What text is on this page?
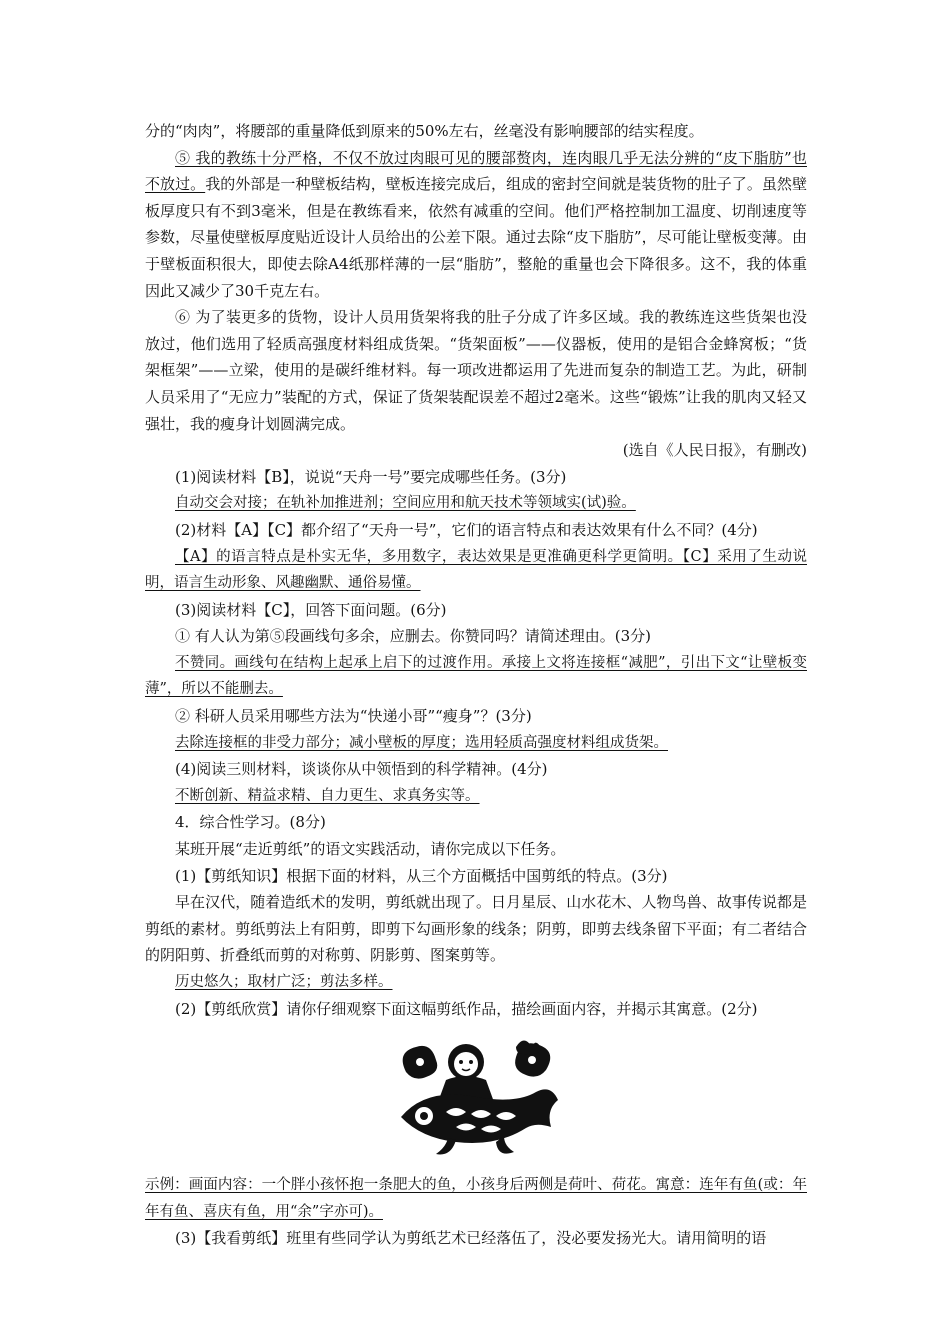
分的“肉肉”，将腰部的重量降低到原来的50%左右，丝毫没有影响腰部的结实程度。

⑤ 我的教练十分严格，不仅不放过肉眼可见的腰部赘肉，连肉眼几乎无法分辨的“皮下脂肪”也不放过。我的外部是一种壁板结构，壁板连接完成后，组成的密封空间就是装货物的肚子了。虽然壁板厚度只有不到3毫米，但是在教练看来，依然有减重的空间。他们严格控制加工温度、切削速度等参数，尽量使壁板厚度贴近设计人员给出的公差下限。通过去除“皮下脂肪”，尽可能让壁板变薄。由于壁板面积很大，即使去除A4纸那样薄的一层“脂肪”，整舱的重量也会下降很多。这不，我的体重因此又减少了30千克左右。

⑥ 为了装更多的货物，设计人员用货架将我的肚子分成了许多区域。我的教练连这些货架也没放过，他们选用了轻质高强度材料组成货架。“货架面板”——仪器板，使用的是铝合金蜂窝板；“货架框架”——立梁，使用的是碳纤维材料。每一项改进都运用了先进而复杂的制造工艺。为此，研制人员采用了“无应力”装配的方式，保证了货架装配误差不超过2毫米。这些“锻炼”让我的肌肉又轻又强壮，我的瘦身计划圆满完成。

(选自《人民日报》，有删改)

(1)阅读材料【B】，说说“天舟一号”要完成哪些任务。(3分)

自动交会对接；在轨补加推进剂；空间应用和航天技术等领域实(试)验。

(2)材料【A】【C】都介绍了“天舟一号”，它们的语言特点和表达效果有什么不同？(4分)

【A】的语言特点是朴实无华，多用数字，表达效果是更准确更科学更简明。【C】采用了生动说明，语言生动形象、风趣幽默、通俗易懂。

(3)阅读材料【C】，回答下面问题。(6分)

① 有人认为第⑤段画线句多余，应删去。你赞同吗？请简述理由。(3分)

不赞同。画线句在结构上起承上启下的过渡作用。承接上文将连接框“减肥”，引出下文“让壁板变薄”，所以不能删去。

② 科研人员采用哪些方法为“快递小哥”“瘦身”？(3分)

去除连接框的非受力部分；减小壁板的厚度；选用轻质高强度材料组成货架。

(4)阅读三则材料，谈谈你从中领悟到的科学精神。(4分)

不断创新、精益求精、自力更生、求真务实等。

4．综合性学习。(8分)

某班开展“走近剪纸”的语文实践活动，请你完成以下任务。

(1)【剪纸知识】根据下面的材料，从三个方面概括中国剪纸的特点。(3分)

早在汉代，随着造纸术的发明，剪纸就出现了。日月星辰、山水花木、人物鸟兽、故事传说都是剪纸的素材。剪纸剪法上有阳剪，即剪下勾画形象的线条；阴剪，即剪去线条留下平面；有二者结合的阴阳剪、折叠纸而剪的对称剪、阴影剪、图案剪等。

历史悠久；取材广泛；剪法多样。

(2)【剪纸欣赏】请你仔细观察下面这幅剪纸作品，描绘画面内容，并揭示其寓意。(2分)

示例：画面内容：一个胖小孩怀抱一条肥大的鱼，小孩身后两侧是荷叶、荷花。寓意：连年有鱼(或：年年有鱼、喜庆有鱼，用“余”字亦可)。

(3)【我看剪纸】班里有些同学认为剪纸艺术已经落伍了，没必要发扬光大。请用简明的语
